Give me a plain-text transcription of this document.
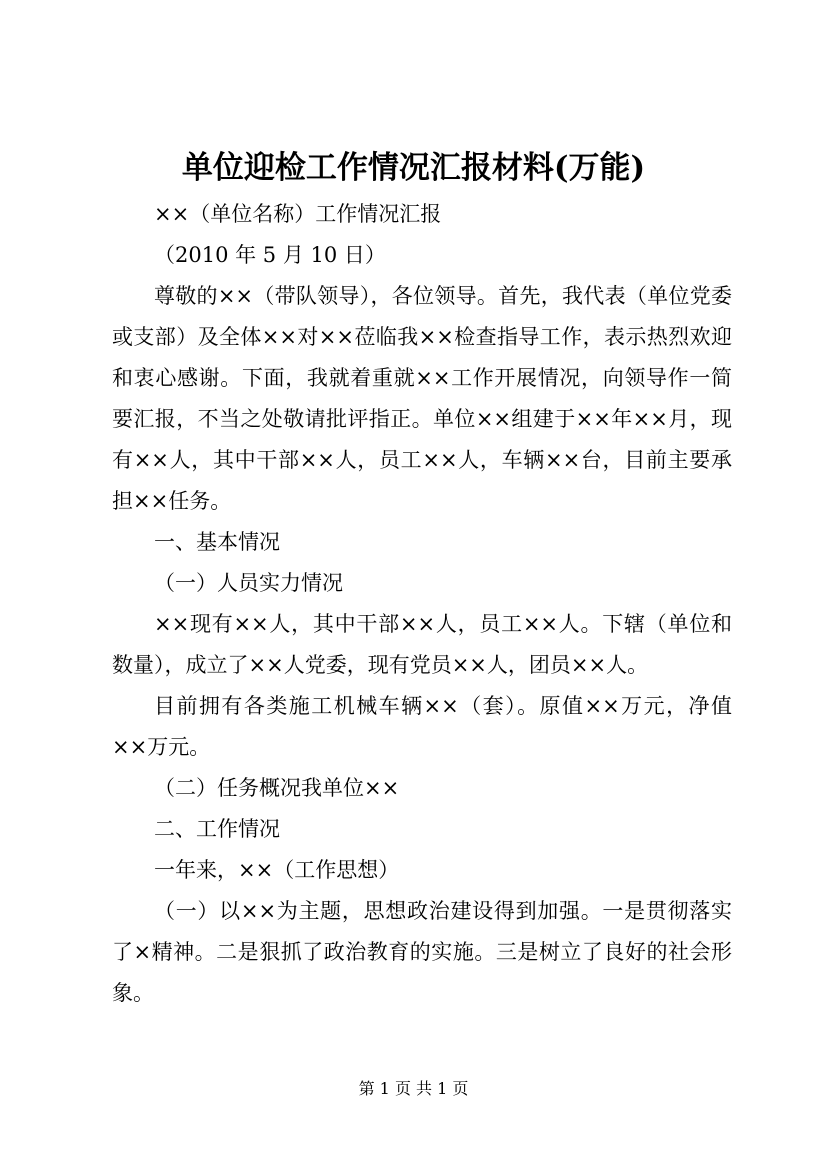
单位迎检工作情况汇报材料(万能)

××（单位名称）工作情况汇报

（2010 年 5 月 10 日）

尊敬的××（带队领导），各位领导。首先，我代表（单位党委或支部）及全体××对××莅临我××检查指导工作，表示热烈欢迎和衷心感谢。下面，我就着重就××工作开展情况，向领导作一简要汇报，不当之处敬请批评指正。单位××组建于××年××月，现有××人，其中干部××人，员工××人，车辆××台，目前主要承担××任务。

一、基本情况

（一）人员实力情况

××现有××人，其中干部××人，员工××人。下辖（单位和数量），成立了××人党委，现有党员××人，团员××人。

目前拥有各类施工机械车辆××（套）。原值××万元，净值××万元。

（二）任务概况我单位××

二、工作情况

一年来，××（工作思想）

（一）以××为主题，思想政治建设得到加强。一是贯彻落实了×精神。二是狠抓了政治教育的实施。三是树立了良好的社会形象。

第 1 页 共 1 页
